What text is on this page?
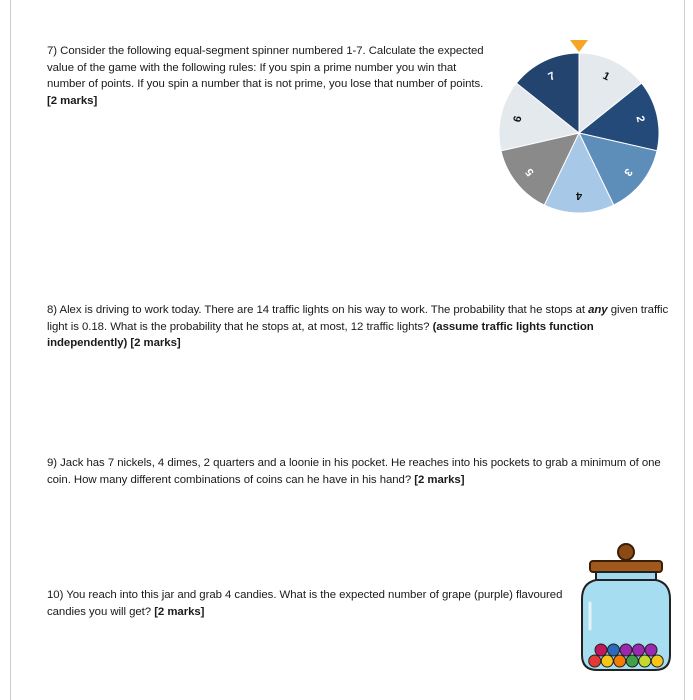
7) Consider the following equal-segment spinner numbered 1-7. Calculate the expected value of the game with the following rules: If you spin a prime number you win that number of points. If you spin a number that is not prime, you lose that number of points. [2 marks]
1
2
3
4
5
6
7
8) Alex is driving to work today. There are 14 traffic lights on his way to work. The probability that he stops at any given traffic light is 0.18. What is the probability that he stops at, at most, 12 traffic lights? (assume traffic lights function independently) [2 marks]
9) Jack has 7 nickels, 4 dimes, 2 quarters and a loonie in his pocket. He reaches into his pockets to grab a minimum of one coin. How many different combinations of coins can he have in his hand? [2 marks]
10) You reach into this jar and grab 4 candies. What is the expected number of grape (purple) flavoured candies you will get? [2 marks]
